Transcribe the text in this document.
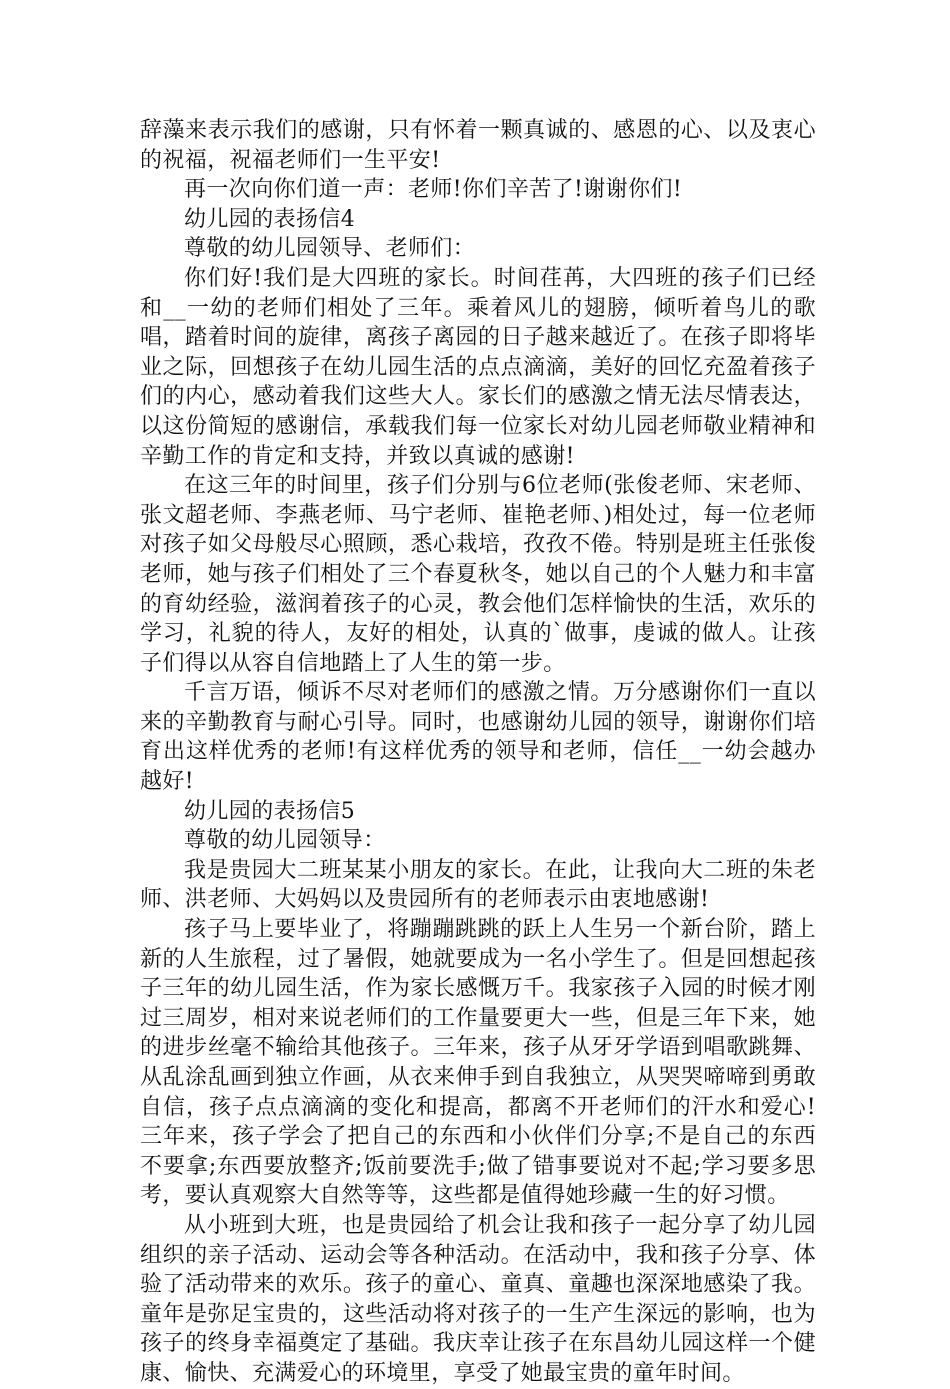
辞藻来表示我们的感谢，只有怀着一颗真诚的、感恩的心、以及衷心的祝福，祝福老师们一生平安!

再一次向你们道一声：老师!你们辛苦了!谢谢你们!

幼儿园的表扬信4

尊敬的幼儿园领导、老师们：

你们好!我们是大四班的家长。时间荏苒，大四班的孩子们已经和__一幼的老师们相处了三年。乘着风儿的翅膀，倾听着鸟儿的歌唱，踏着时间的旋律，离孩子离园的日子越来越近了。在孩子即将毕业之际，回想孩子在幼儿园生活的点点滴滴，美好的回忆充盈着孩子们的内心，感动着我们这些大人。家长们的感激之情无法尽情表达，以这份简短的感谢信，承载我们每一位家长对幼儿园老师敬业精神和辛勤工作的肯定和支持，并致以真诚的感谢!

在这三年的时间里，孩子们分别与6位老师(张俊老师、宋老师、张文超老师、李燕老师、马宁老师、崔艳老师、)相处过，每一位老师对孩子如父母般尽心照顾，悉心栽培，孜孜不倦。特别是班主任张俊老师，她与孩子们相处了三个春夏秋冬，她以自己的个人魅力和丰富的育幼经验，滋润着孩子的心灵，教会他们怎样愉快的生活，欢乐的学习，礼貌的待人，友好的相处，认真的`做事，虔诚的做人。让孩子们得以从容自信地踏上了人生的第一步。

千言万语，倾诉不尽对老师们的感激之情。万分感谢你们一直以来的辛勤教育与耐心引导。同时，也感谢幼儿园的领导，谢谢你们培育出这样优秀的老师!有这样优秀的领导和老师，信任__一幼会越办越好!

幼儿园的表扬信5

尊敬的幼儿园领导：

我是贵园大二班某某小朋友的家长。在此，让我向大二班的朱老师、洪老师、大妈妈以及贵园所有的老师表示由衷地感谢!

孩子马上要毕业了，将蹦蹦跳跳的跃上人生另一个新台阶，踏上新的人生旅程，过了暑假，她就要成为一名小学生了。但是回想起孩子三年的幼儿园生活，作为家长感慨万千。我家孩子入园的时候才刚过三周岁，相对来说老师们的工作量要更大一些，但是三年下来，她的进步丝毫不输给其他孩子。三年来，孩子从牙牙学语到唱歌跳舞、从乱涂乱画到独立作画，从衣来伸手到自我独立，从哭哭啼啼到勇敢自信，孩子点点滴滴的变化和提高，都离不开老师们的汗水和爱心!三年来，孩子学会了把自己的东西和小伙伴们分享;不是自己的东西不要拿;东西要放整齐;饭前要洗手;做了错事要说对不起;学习要多思考，要认真观察大自然等等，这些都是值得她珍藏一生的好习惯。

从小班到大班，也是贵园给了机会让我和孩子一起分享了幼儿园组织的亲子活动、运动会等各种活动。在活动中，我和孩子分享、体验了活动带来的欢乐。孩子的童心、童真、童趣也深深地感染了我。童年是弥足宝贵的，这些活动将对孩子的一生产生深远的影响，也为孩子的终身幸福奠定了基础。我庆幸让孩子在东昌幼儿园这样一个健康、愉快、充满爱心的环境里，享受了她最宝贵的童年时间。
